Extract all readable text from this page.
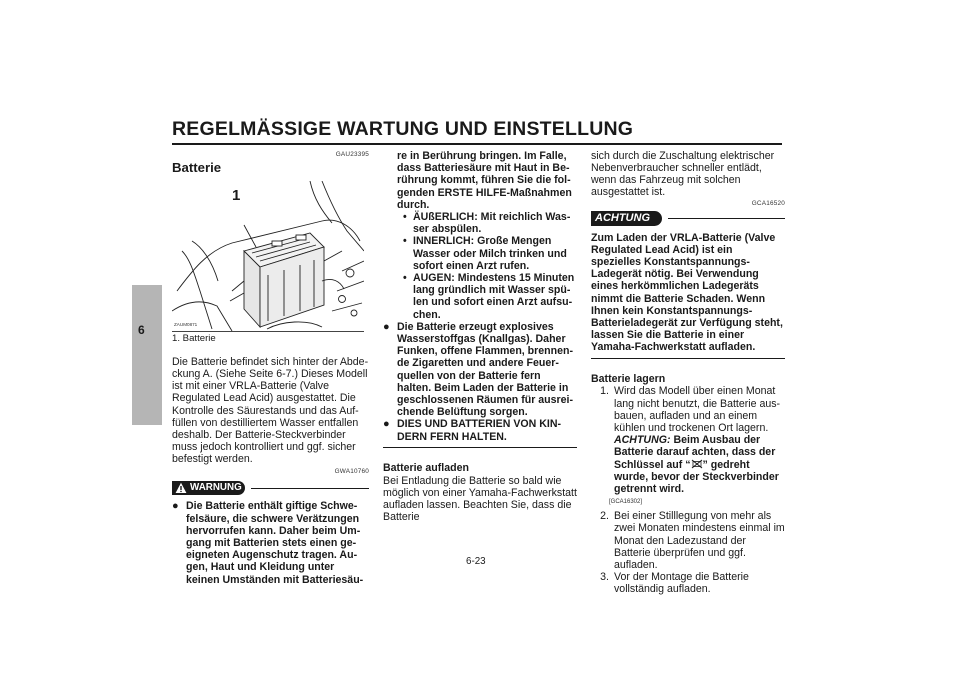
REGELMÄSSIGE WARTUNG UND EINSTELLUNG
6

GAU23395

Batterie
1
ZAUM0871

1. Batterie

Die Batterie befindet sich hinter der Abdeckung A. (Siehe Seite 6-7.) Dieses Modell ist mit einer VRLA-Batterie (Valve Regulated Lead Acid) ausgestattet. Die Kontrolle des Säurestands und das Auffüllen von destilliertem Wasser entfallen deshalb. Der Batterie-Steckverbinder muss jedoch kontrolliert und ggf. sicher befestigt werden.

GWA10760

WARNUNG
● Die Batterie enthält giftige Schwefelsäure, die schwere Verätzungen hervorrufen kann. Daher beim Umgang mit Batterien stets einen geeigneten Augenschutz tragen. Augen, Haut und Kleidung unter keinen Umständen mit Batteriesäu-
re in Berührung bringen. Im Falle, dass Batteriesäure mit Haut in Berührung kommt, führen Sie die folgenden ERSTE HILFE-Maßnahmen durch.
• ÄUßERLICH: Mit reichlich Wasser abspülen.
• INNERLICH: Große Mengen Wasser oder Milch trinken und sofort einen Arzt rufen.
• AUGEN: Mindestens 15 Minuten lang gründlich mit Wasser spülen und sofort einen Arzt aufsuchen.
● Die Batterie erzeugt explosives Wasserstoffgas (Knallgas). Daher Funken, offene Flammen, brennende Zigaretten und andere Feuerquellen von der Batterie fern halten. Beim Laden der Batterie in geschlossenen Räumen für ausreichende Belüftung sorgen.
● DIES UND BATTERIEN VON KINDERN FERN HALTEN.

Batterie aufladen

Bei Entladung die Batterie so bald wie möglich von einer Yamaha-Fachwerkstatt aufladen lassen. Beachten Sie, dass die Batterie

sich durch die Zuschaltung elektrischer Nebenverbraucher schneller entlädt, wenn das Fahrzeug mit solchen ausgestattet ist.

GCA16520

ACHTUNG

Zum Laden der VRLA-Batterie (Valve Regulated Lead Acid) ist ein spezielles Konstantspannungs-Ladegerät nötig. Bei Verwendung eines herkömmlichen Ladegeräts nimmt die Batterie Schaden. Wenn Ihnen kein Konstantspannungs-Batterieladegerät zur Verfügung steht, lassen Sie die Batterie in einer Yamaha-Fachwerkstatt aufladen.

Batterie lagern

1. Wird das Modell über einen Monat lang nicht benutzt, die Batterie ausbauen, aufladen und an einem kühlen und trockenen Ort lagern. ACHTUNG: Beim Ausbau der Batterie darauf achten, dass der Schlüssel auf “ ” gedreht wurde, bevor der Steckverbinder getrennt wird.

[GCA16302]

2. Bei einer Stilllegung von mehr als zwei Monaten mindestens einmal im Monat den Ladezustand der Batterie überprüfen und ggf. aufladen.
3. Vor der Montage die Batterie vollständig aufladen.
6-23
